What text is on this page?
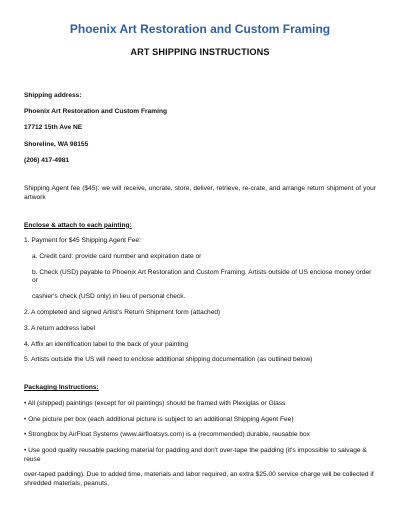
Phoenix Art Restoration and Custom Framing
ART SHIPPING INSTRUCTIONS

Shipping address:

Phoenix Art Restoration and Custom Framing

17712 15th Ave NE

Shoreline, WA 98155

(206) 417-4981

Shipping Agent fee ($45): we will receive, uncrate, store, deliver, retrieve, re-crate, and arrange return shipment of your artwork

Enclose & attach to each painting:

1. Payment for $45 Shipping Agent Fee:

a. Credit card: provide card number and expiration date or

b. Check (USD) payable to Phoenix Art Restoration and Custom Framing. Artists outside of US enclose money order or

cashier's check (USD only) in lieu of personal check.

2. A completed and signed Artist's Return Shipment form (attached)

3. A return address label

4. Affix an identification label to the back of your painting

5. Artists outside the US will need to enclose additional shipping documentation (as outlined below)

Packaging Instructions:

• All (shipped) paintings (except for oil paintings) should be framed with Plexiglas or Glass

• One picture per box (each additional picture is subject to an additional Shipping Agent Fee)

• Strongbox by AirFloat Systems (www.airfloatsys.com) is a (recommended) durable, reusable box

• Use good quality reusable packing material for padding and don't over-tape the padding (it's impossible to salvage & reuse

over-taped padding). Due to added time, materials and labor required, an extra $25.00 service charge will be collected if shredded materials, peanuts,
